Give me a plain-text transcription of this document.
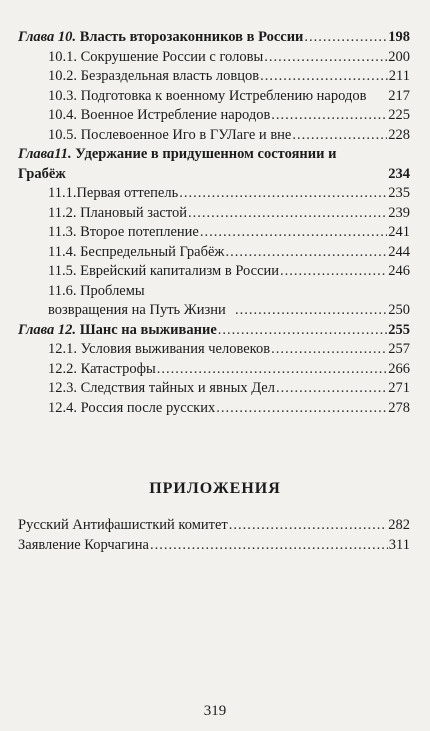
Глава 10. Власть второзаконников в России .....	198
10.1. Сокрушение России с головы .....	200
10.2. Безраздельная власть ловцов .....	211
10.3. Подготовка к военному Истреблению народов	217
10.4. Военное Истребление народов .....	225
10.5. Послевоенное Иго в ГУЛаге и вне .....	228
Глава11. Удержание в придушенном состоянии и Грабёж	234
11.1.Первая оттепель .....	235
11.2. Плановый застой .....	239
11.3. Второе потепление .....	241
11.4. Беспредельный Грабёж .....	244
11.5. Еврейский капитализм в России .....	246
11.6. Проблемы возвращения на Путь Жизни .....	250
Глава 12. Шанс на выживание .....	255
12.1. Условия выживания человеков .....	257
12.2. Катастрофы .....	266
12.3. Следствия тайных и явных Дел .....	271
12.4. Россия после русских .....	278
ПРИЛОЖЕНИЯ
Русский Антифашисткий комитет .....	282
Заявление Корчагина .....	311
319
